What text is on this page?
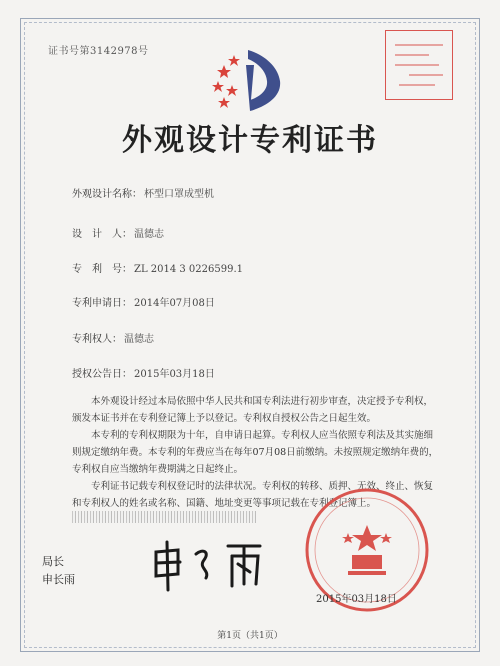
证书号第3142978号
外观设计专利证书
外观设计名称： 杯型口罩成型机
设　计　人： 温德志
专　利　号： ZL 2014 3 0226599.1
专利申请日： 2014年07月08日
专利权人： 温德志
授权公告日： 2015年03月18日

本外观设计经过本局依照中华人民共和国专利法进行初步审查，决定授予专利权，颁发本证书并在专利登记簿上予以登记。专利权自授权公告之日起生效。

本专利的专利权期限为十年，自申请日起算。专利权人应当依照专利法及其实施细则规定缴纳年费。本专利的年费应当在每年07月08日前缴纳。未按照规定缴纳年费的，专利权自应当缴纳年费期满之日起终止。

专利证书记载专利权登记时的法律状况。专利权的转移、质押、无效、终止、恢复和专利权人的姓名或名称、国籍、地址变更等事项记载在专利登记簿上。

局长
申长雨
2015年03月18日
第1页（共1页）
